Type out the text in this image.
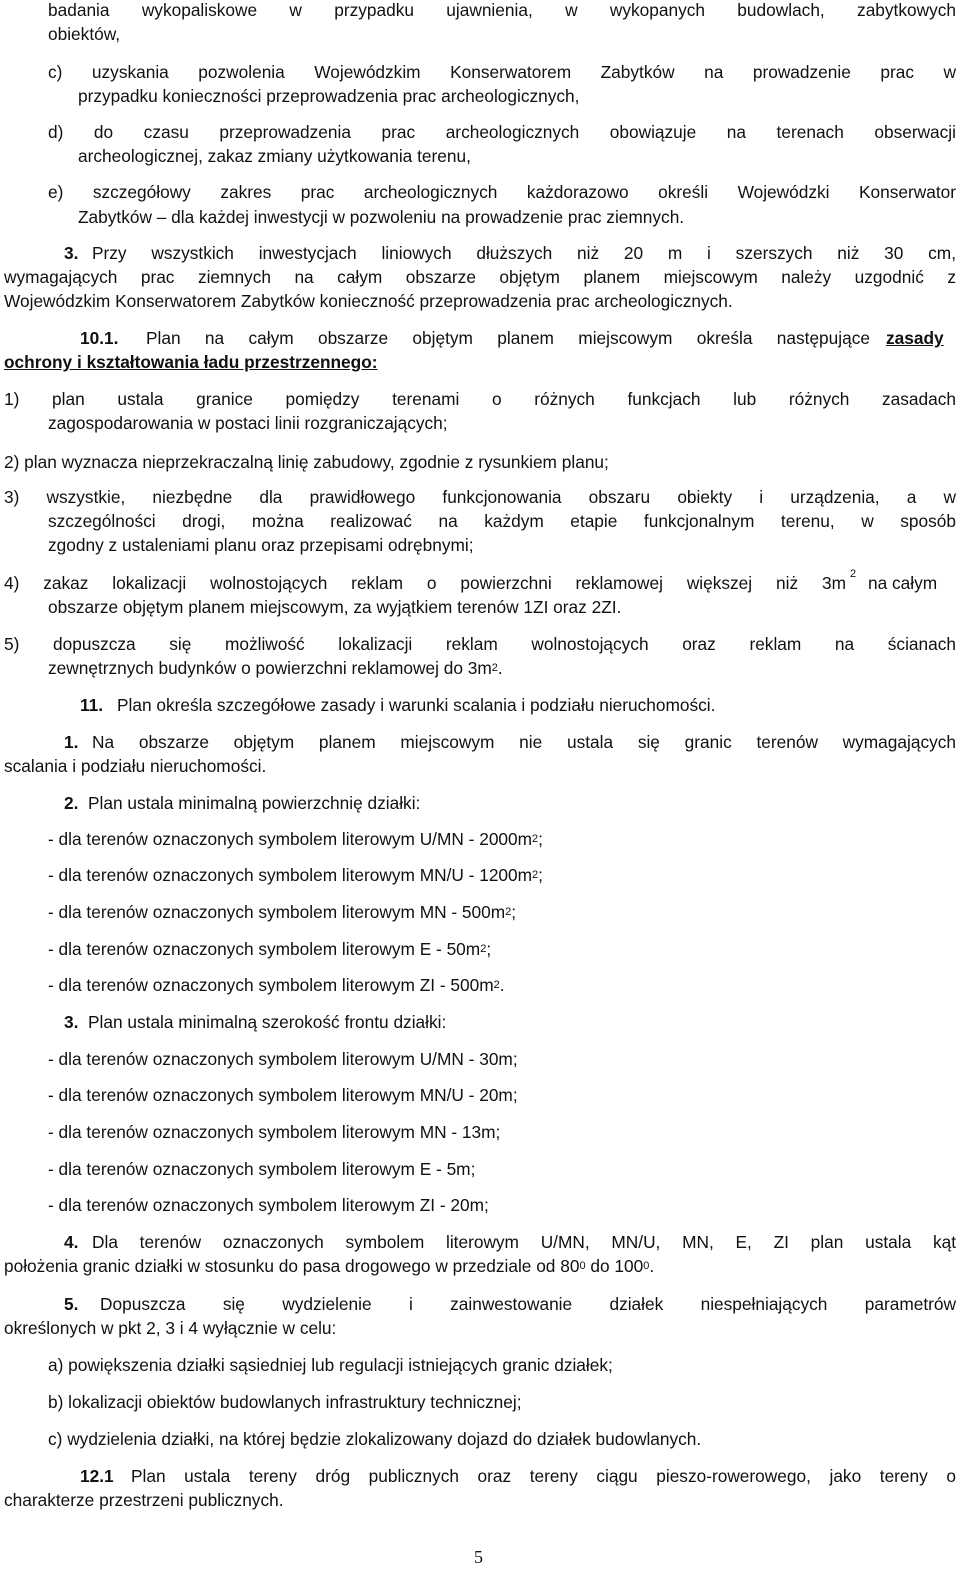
badania wykopaliskowe w przypadku ujawnienia, w wykopanych budowlach, zabytkowych
obiektów,
c) uzyskania pozwolenia Wojewódzkim Konserwatorem Zabytków na prowadzenie prac w
przypadku konieczności przeprowadzenia prac archeologicznych,
d) do czasu przeprowadzenia prac archeologicznych obowiązuje na terenach obserwacji
archeologicznej, zakaz zmiany użytkowania terenu,
e) szczegółowy zakres prac archeologicznych każdorazowo określi Wojewódzki Konserwator
Zabytków – dla każdej inwestycji w pozwoleniu na prowadzenie prac ziemnych.
3. Przy wszystkich inwestycjach liniowych dłuższych niż 20 m i szerszych niż 30 cm,
wymagających prac ziemnych na całym obszarze objętym planem miejscowym należy uzgodnić z
Wojewódzkim Konserwatorem Zabytków konieczność przeprowadzenia prac archeologicznych.
10.1. Plan na całym obszarze objętym planem miejscowym określa następujące zasady
ochrony i kształtowania ładu przestrzennego:
1) plan ustala granice pomiędzy terenami o różnych funkcjach lub różnych zasadach
zagospodarowania w postaci linii rozgraniczających;
2) plan wyznacza nieprzekraczalną linię zabudowy, zgodnie z rysunkiem planu;
3) wszystkie, niezbędne dla prawidłowego funkcjonowania obszaru obiekty i urządzenia, a w
szczególności drogi, można realizować na każdym etapie funkcjonalnym terenu, w sposób
zgodny z ustaleniami planu oraz przepisami odrębnymi;
4) zakaz lokalizacji wolnostojących reklam o powierzchni reklamowej większej niż 3m 2 na całym
obszarze objętym planem miejscowym, za wyjątkiem terenów 1ZI oraz 2ZI.
5) dopuszcza się możliwość lokalizacji reklam wolnostojących oraz reklam na ścianach
zewnętrznych budynków o powierzchni reklamowej do $3m^2$.
11. Plan określa szczegółowe zasady i warunki scalania i podziału nieruchomości.
1. Na obszarze objętym planem miejscowym nie ustala się granic terenów wymagających
scalania i podziału nieruchomości.
2. Plan ustala minimalną powierzchnię działki:
- dla terenów oznaczonych symbolem literowym $U/MN - 2000m^2$;
- dla terenów oznaczonych symbolem literowym $MN/U - 1200m^2$;
- dla terenów oznaczonych symbolem literowym MN - $500m^2$;
- dla terenów oznaczonych symbolem literowym E - $50m^2$;
- dla terenów oznaczonych symbolem literowym ZI - $500m^2$.
3. Plan ustala minimalną szerokość frontu działki:
- dla terenów oznaczonych symbolem literowym U/MN - 30m;
- dla terenów oznaczonych symbolem literowym MN/U - 20m;
- dla terenów oznaczonych symbolem literowym MN - 13m;
- dla terenów oznaczonych symbolem literowym E - 5m;
- dla terenów oznaczonych symbolem literowym ZI - 20m;
4. Dla terenów oznaczonych symbolem literowym U/MN, MN/U, MN, E, ZI plan ustala kąt
położenia granic działki w stosunku do pasa drogowego w przedziale od $80^0$ do $100^0$.
5. Dopuszcza się wydzielenie i zainwestowanie działek niespełniających parametrów
określonych w pkt 2, 3 i 4 wyłącznie w celu:
a) powiększenia działki sąsiedniej lub regulacji istniejących granic działek;
b) lokalizacji obiektów budowlanych infrastruktury technicznej;
c) wydzielenia działki, na której będzie zlokalizowany dojazd do działek budowlanych.
12.1 Plan ustala tereny dróg publicznych oraz tereny ciągu pieszo-rowerowego, jako tereny o
charakterze przestrzeni publicznych.
5
